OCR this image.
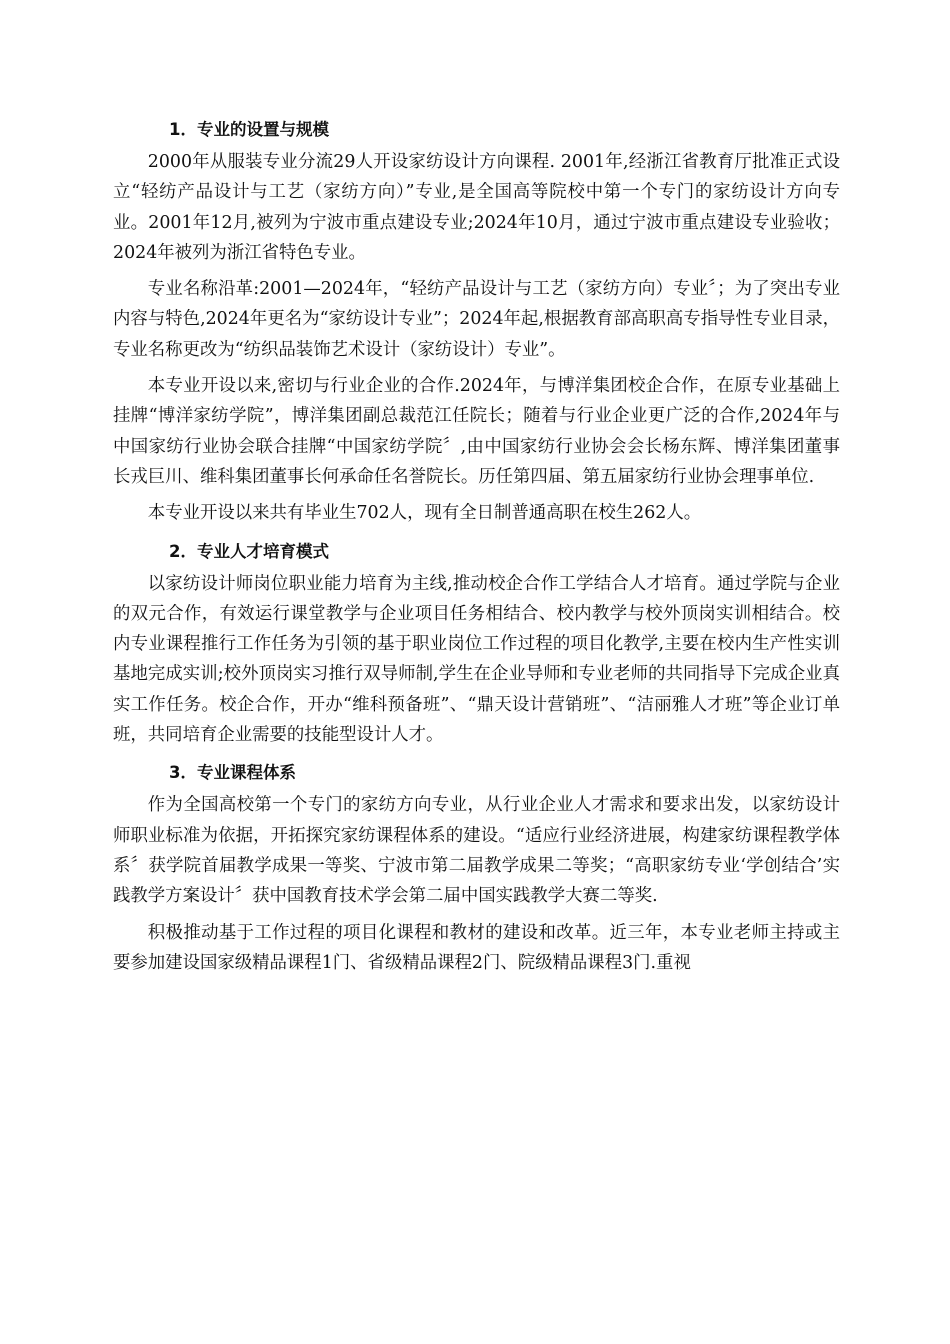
1．专业的设置与规模

2000年从服装专业分流29人开设家纺设计方向课程. 2001年,经浙江省教育厅批准正式设立“轻纺产品设计与工艺（家纺方向）”专业,是全国高等院校中第一个专门的家纺设计方向专业。2001年12月,被列为宁波市重点建设专业;2024年10月，通过宁波市重点建设专业验收；2024年被列为浙江省特色专业。

专业名称沿革:2001—2024年，“轻纺产品设计与工艺（家纺方向）专业〞；为了突出专业内容与特色,2024年更名为“家纺设计专业”；2024年起,根据教育部高职高专指导性专业目录，专业名称更改为“纺织品装饰艺术设计（家纺设计）专业”。

本专业开设以来,密切与行业企业的合作.2024年，与博洋集团校企合作，在原专业基础上挂牌“博洋家纺学院”，博洋集团副总裁范江任院长；随着与行业企业更广泛的合作,2024年与中国家纺行业协会联合挂牌“中国家纺学院〞,由中国家纺行业协会会长杨东辉、博洋集团董事长戎巨川、维科集团董事长何承命任名誉院长。历任第四届、第五届家纺行业协会理事单位.

本专业开设以来共有毕业生702人，现有全日制普通高职在校生262人。

2．专业人才培育模式

以家纺设计师岗位职业能力培育为主线,推动校企合作工学结合人才培育。通过学院与企业的双元合作，有效运行课堂教学与企业项目任务相结合、校内教学与校外顶岗实训相结合。校内专业课程推行工作任务为引领的基于职业岗位工作过程的项目化教学,主要在校内生产性实训基地完成实训;校外顶岗实习推行双导师制,学生在企业导师和专业老师的共同指导下完成企业真实工作任务。校企合作，开办“维科预备班”、“鼎天设计营销班”、“洁丽雅人才班”等企业订单班，共同培育企业需要的技能型设计人才。

3．专业课程体系

作为全国高校第一个专门的家纺方向专业，从行业企业人才需求和要求出发，以家纺设计师职业标准为依据，开拓探究家纺课程体系的建设。“适应行业经济进展，构建家纺课程教学体系〞获学院首届教学成果一等奖、宁波市第二届教学成果二等奖；“高职家纺专业‘学创结合’实践教学方案设计〞获中国教育技术学会第二届中国实践教学大赛二等奖.

积极推动基于工作过程的项目化课程和教材的建设和改革。近三年，本专业老师主持或主要参加建设国家级精品课程1门、省级精品课程2门、院级精品课程3门.重视
